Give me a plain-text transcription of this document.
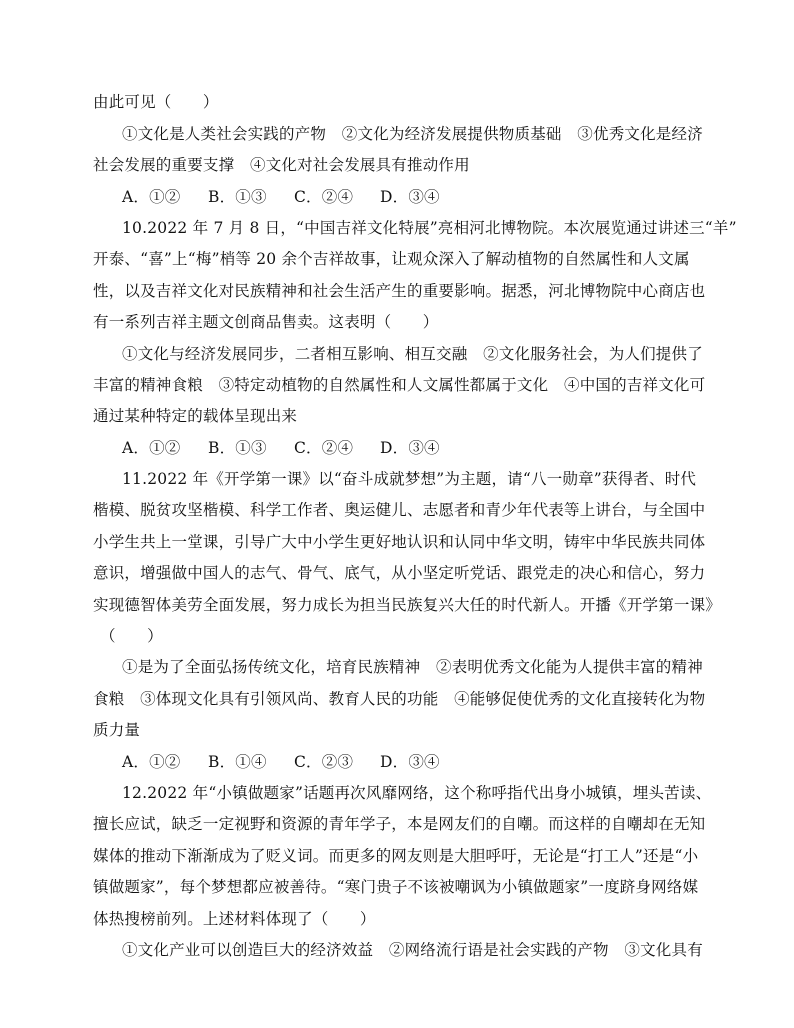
由此可见（　　）
①文化是人类社会实践的产物　②文化为经济发展提供物质基础　③优秀文化是经济
社会发展的重要支撑　④文化对社会发展具有推动作用
A．①② B．①③ C．②④ D．③④
10.2022 年 7 月 8 日，“中国吉祥文化特展”亮相河北博物院。本次展览通过讲述三“羊”
开泰、“喜”上“梅”梢等 20 余个吉祥故事，让观众深入了解动植物的自然属性和人文属
性，以及吉祥文化对民族精神和社会生活产生的重要影响。据悉，河北博物院中心商店也
有一系列吉祥主题文创商品售卖。这表明（　　）
①文化与经济发展同步，二者相互影响、相互交融　②文化服务社会，为人们提供了
丰富的精神食粮　③特定动植物的自然属性和人文属性都属于文化　④中国的吉祥文化可
通过某种特定的载体呈现出来
A．①② B．①③ C．②④ D．③④
11.2022 年《开学第一课》以“奋斗成就梦想”为主题，请“八一勋章”获得者、时代
楷模、脱贫攻坚楷模、科学工作者、奥运健儿、志愿者和青少年代表等上讲台，与全国中
小学生共上一堂课，引导广大中小学生更好地认识和认同中华文明，铸牢中华民族共同体
意识，增强做中国人的志气、骨气、底气，从小坚定听党话、跟党走的决心和信心，努力
实现德智体美劳全面发展，努力成长为担当民族复兴大任的时代新人。开播《开学第一课》
（　　）
①是为了全面弘扬传统文化，培育民族精神　②表明优秀文化能为人提供丰富的精神
食粮　③体现文化具有引领风尚、教育人民的功能　④能够促使优秀的文化直接转化为物
质力量
A．①② B．①④ C．②③ D．③④
12.2022 年“小镇做题家”话题再次风靡网络，这个称呼指代出身小城镇，埋头苦读、
擅长应试，缺乏一定视野和资源的青年学子，本是网友们的自嘲。而这样的自嘲却在无知
媒体的推动下渐渐成为了贬义词。而更多的网友则是大胆呼吁，无论是“打工人”还是“小
镇做题家”，每个梦想都应被善待。“寒门贵子不该被嘲讽为小镇做题家”一度跻身网络媒
体热搜榜前列。上述材料体现了（　　）
①文化产业可以创造巨大的经济效益　②网络流行语是社会实践的产物　③文化具有
